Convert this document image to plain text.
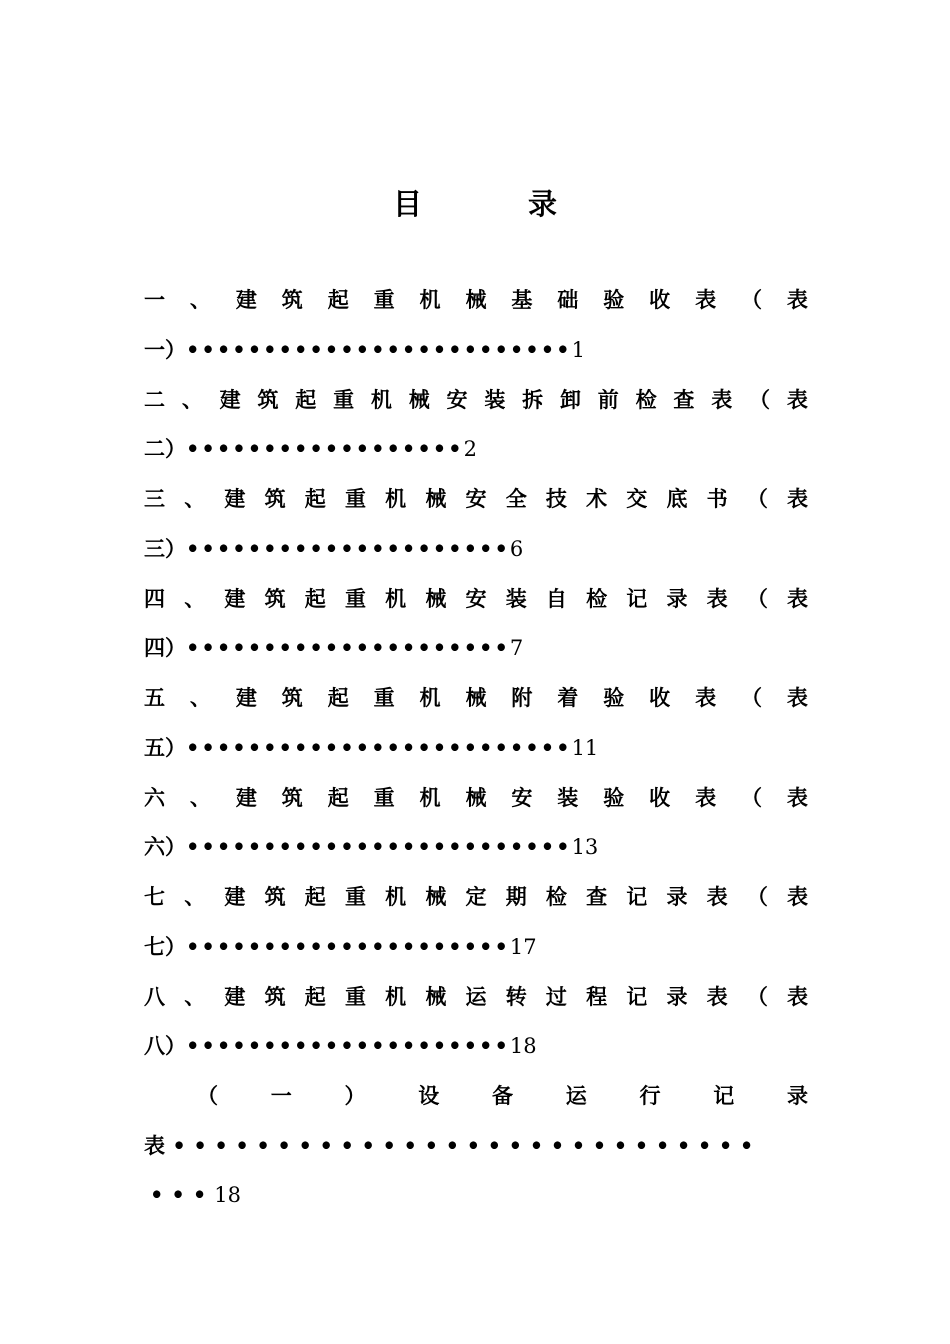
目 录
一 、 建 筑 起 重 机 械 基 础 验 收 表 （ 表
一）•••••••••••••••••••••••••1
二 、 建 筑 起 重 机 械 安 装 拆 卸 前 检 查 表 （ 表
二）••••••••••••••••••2
三 、 建 筑 起 重 机 械 安 全 技 术 交 底 书 （ 表
三）•••••••••••••••••••••6
四 、 建 筑 起 重 机 械 安 装 自 检 记 录 表 （ 表
四）•••••••••••••••••••••7
五 、 建 筑 起 重 机 械 附 着 验 收 表 （ 表
五）•••••••••••••••••••••••••11
六 、 建 筑 起 重 机 械 安 装 验 收 表 （ 表
六）•••••••••••••••••••••••••13
七 、 建 筑 起 重 机 械 定 期 检 查 记 录 表 （ 表
七）•••••••••••••••••••••17
八 、 建 筑 起 重 机 械 运 转 过 程 记 录 表 （ 表
八）•••••••••••••••••••••18
（	一	）	设	备	运	行	记	录
表 ••••••••••••••••••••••••••••
•••18
